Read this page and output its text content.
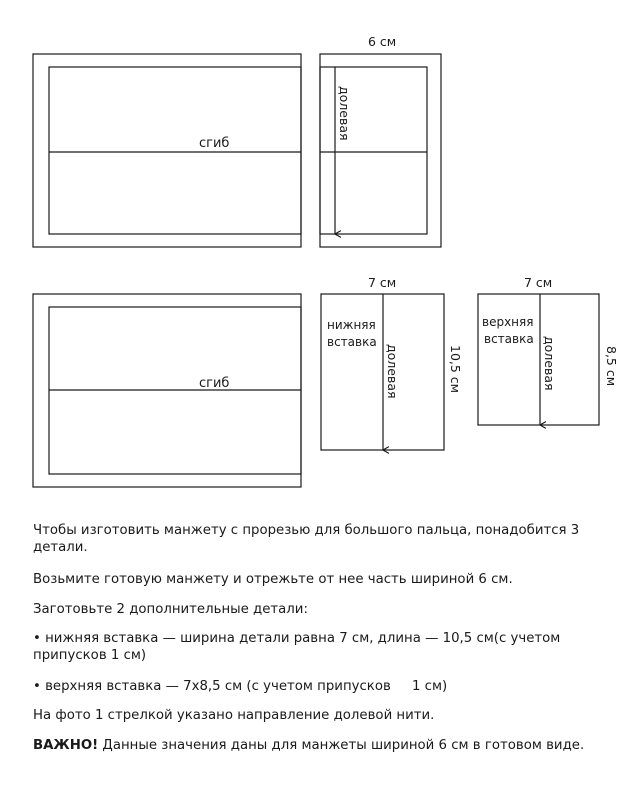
сгиб
6 см
долевая
сгиб
7 см
нижняя
вставка
долевая	10,5 см
7 см
верхняя
вставка долевая	8,5 см

Чтобы изготовить манжету с прорезью для большого пальца, понадобится 3 детали.

Возьмите готовую манжету и отрежьте от нее часть шириной 6 см.

Заготовьте 2 дополнительные детали:

• нижняя вставка — ширина детали равна 7 см, длина — 10,5 см(с учетом припусков 1 см)

• верхняя вставка — 7х8,5 см (с учетом припусков     1 см)

На фото 1 стрелкой указано направление долевой нити.

ВАЖНО! Данные значения даны для манжеты шириной 6 см в готовом виде.
